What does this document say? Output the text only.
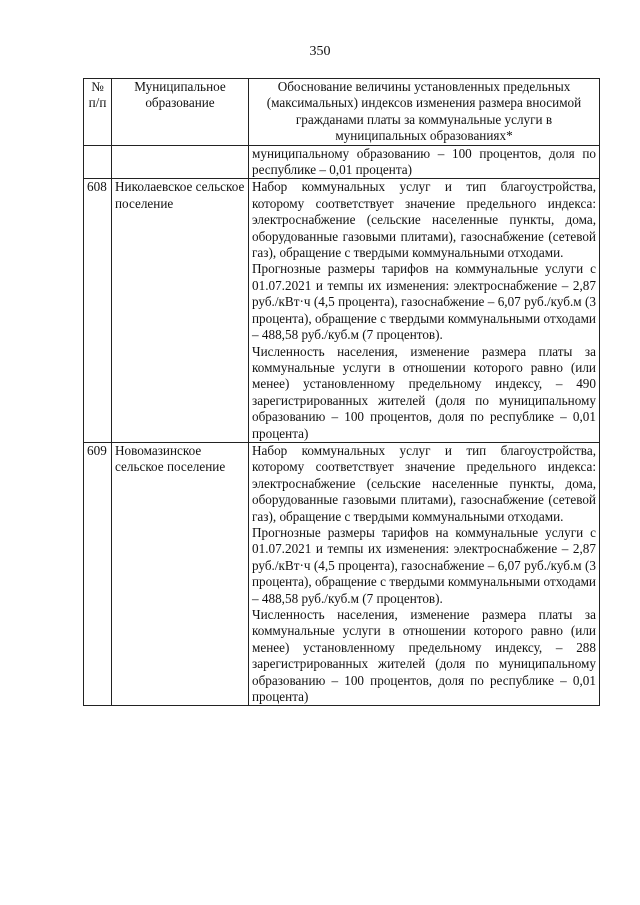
350
№ п/п	Муниципальное образование	Обоснование величины установленных предельных (максимальных) индексов изменения размера вносимой гражданами платы за коммунальные услуги в муниципальных образованиях*

		муниципальному образованию – 100 процентов, доля по республике – 0,01 процента)

608	Николаевское сельское поселение	Набор коммунальных услуг и тип благоустройства, которому соответствует значение предельного индекса: электроснабжение (сельские населенные пункты, дома, оборудованные газовыми плитами), газоснабжение (сетевой газ), обращение с твердыми коммунальными отходами.

Прогнозные размеры тарифов на коммунальные услуги с 01.07.2021 и темпы их изменения: электроснабжение – 2,87 руб./кВт·ч (4,5 процента), газоснабжение – 6,07 руб./куб.м (3 процента), обращение с твердыми коммунальными отходами – 488,58 руб./куб.м (7 процентов).

Численность населения, изменение размера платы за коммунальные услуги в отношении которого равно (или менее) установленному предельному индексу, – 490 зарегистрированных жителей (доля по муниципальному образованию – 100 процентов, доля по республике – 0,01 процента)

609	Новомазинское сельское поселение	Набор коммунальных услуг и тип благоустройства, которому соответствует значение предельного индекса: электроснабжение (сельские населенные пункты, дома, оборудованные газовыми плитами), газоснабжение (сетевой газ), обращение с твердыми коммунальными отходами.

Прогнозные размеры тарифов на коммунальные услуги с 01.07.2021 и темпы их изменения: электроснабжение – 2,87 руб./кВт·ч (4,5 процента), газоснабжение – 6,07 руб./куб.м (3 процента), обращение с твердыми коммунальными отходами – 488,58 руб./куб.м (7 процентов).

Численность населения, изменение размера платы за коммунальные услуги в отношении которого равно (или менее) установленному предельному индексу, – 288 зарегистрированных жителей (доля по муниципальному образованию – 100 процентов, доля по республике – 0,01 процента)
